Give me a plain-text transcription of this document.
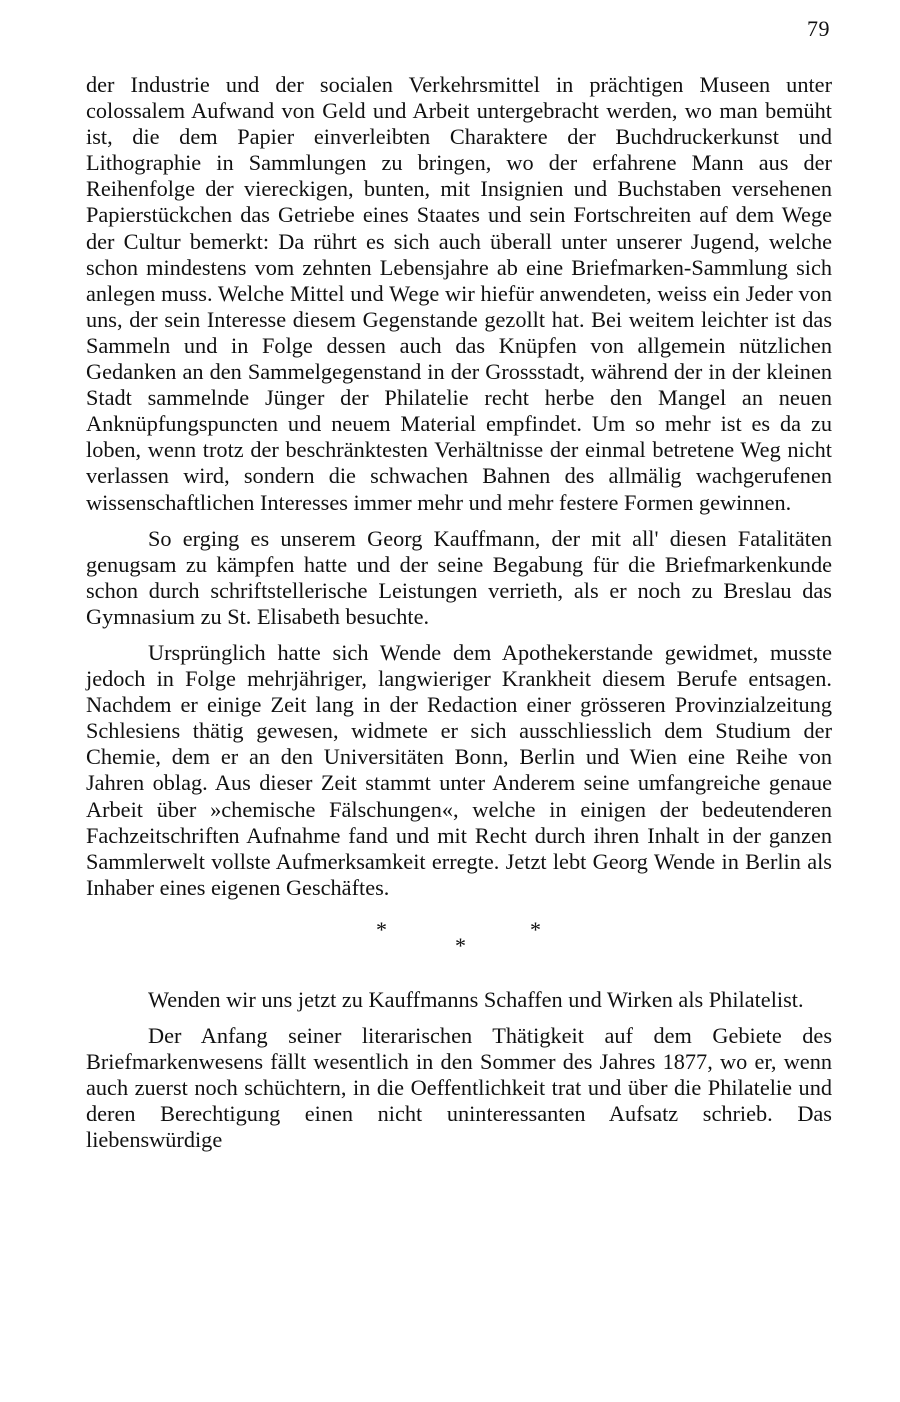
79

der Industrie und der socialen Verkehrsmittel in prächtigen Museen unter colossalem Aufwand von Geld und Arbeit untergebracht werden, wo man bemüht ist, die dem Papier einverleibten Charaktere der Buchdruckerkunst und Lithographie in Sammlungen zu bringen, wo der erfahrene Mann aus der Reihenfolge der viereckigen, bunten, mit Insignien und Buchstaben versehenen Papierstückchen das Getriebe eines Staates und sein Fortschreiten auf dem Wege der Cultur bemerkt: Da rührt es sich auch überall unter unserer Jugend, welche schon mindestens vom zehnten Lebensjahre ab eine Briefmarken-Sammlung sich anlegen muss. Welche Mittel und Wege wir hiefür anwendeten, weiss ein Jeder von uns, der sein Interesse diesem Gegenstande gezollt hat. Bei weitem leichter ist das Sammeln und in Folge dessen auch das Knüpfen von allgemein nützlichen Gedanken an den Sammelgegenstand in der Grossstadt, während der in der kleinen Stadt sammelnde Jünger der Philatelie recht herbe den Mangel an neuen Anknüpfungspuncten und neuem Material empfindet. Um so mehr ist es da zu loben, wenn trotz der beschränktesten Verhältnisse der einmal betretene Weg nicht verlassen wird, sondern die schwachen Bahnen des allmälig wachgerufenen wissenschaftlichen Interesses immer mehr und mehr festere Formen gewinnen.

So erging es unserem Georg Kauffmann, der mit all' diesen Fatalitäten genugsam zu kämpfen hatte und der seine Begabung für die Briefmarkenkunde schon durch schriftstellerische Leistungen verrieth, als er noch zu Breslau das Gymnasium zu St. Elisabeth besuchte.

Ursprünglich hatte sich Wende dem Apothekerstande gewidmet, musste jedoch in Folge mehrjähriger, langwieriger Krankheit diesem Berufe entsagen. Nachdem er einige Zeit lang in der Redaction einer grösseren Provinzialzeitung Schlesiens thätig gewesen, widmete er sich ausschliesslich dem Studium der Chemie, dem er an den Universitäten Bonn, Berlin und Wien eine Reihe von Jahren oblag. Aus dieser Zeit stammt unter Anderem seine umfangreiche genaue Arbeit über »chemische Fälschungen«, welche in einigen der bedeutenderen Fachzeitschriften Aufnahme fand und mit Recht durch ihren Inhalt in der ganzen Sammlerwelt vollste Aufmerksamkeit erregte. Jetzt lebt Georg Wende in Berlin als Inhaber eines eigenen Geschäftes.

*
*
*

Wenden wir uns jetzt zu Kauffmanns Schaffen und Wirken als Philatelist.

Der Anfang seiner literarischen Thätigkeit auf dem Gebiete des Briefmarkenwesens fällt wesentlich in den Sommer des Jahres 1877, wo er, wenn auch zuerst noch schüchtern, in die Oeffentlichkeit trat und über die Philatelie und deren Berechtigung einen nicht uninteressanten Aufsatz schrieb. Das liebenswürdige
